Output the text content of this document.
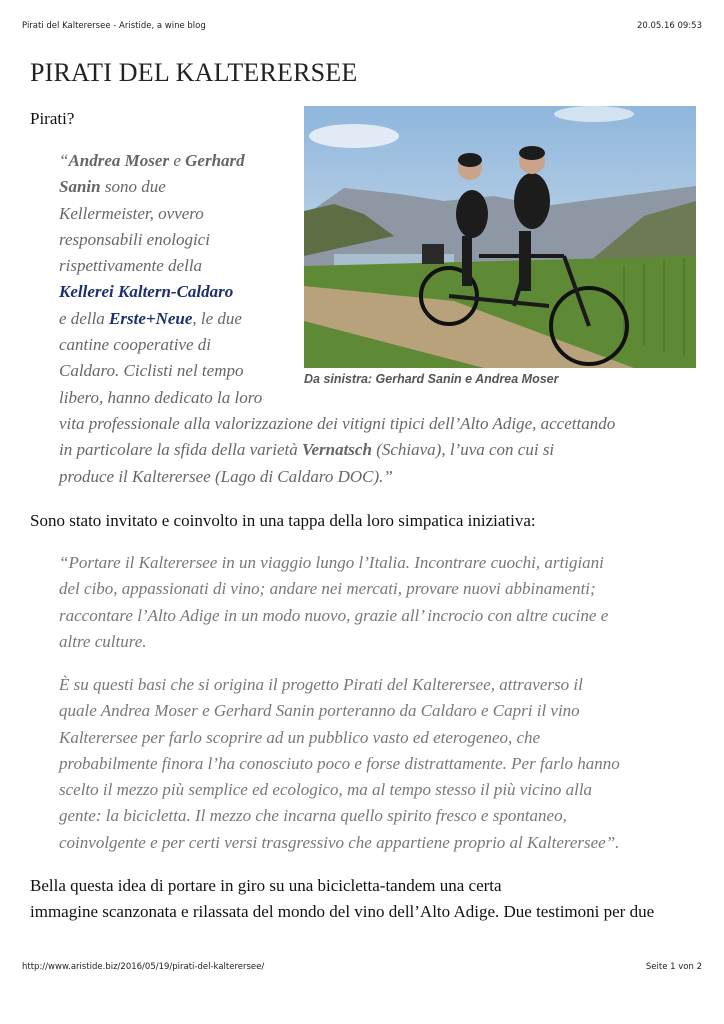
Pirati del Kalterersee - Aristide, a wine blog	20.05.16 09:53
PIRATI DEL KALTERERSEE

Pirati?

Da sinistra: Gerhard Sanin e Andrea Moser
“Andrea Moser e Gerhard
Sanin sono due
Kellermeister, ovvero
responsabili enologici
rispettivamente della
Kellerei Kaltern-Caldaro
e della Erste+Neue, le due
cantine cooperative di
Caldaro. Ciclisti nel tempo
libero, hanno dedicato la loro
vita professionale alla valorizzazione dei vitigni tipici dell’Alto Adige, accettando
in particolare la sfida della varietà Vernatsch (Schiava), l’uva con cui si
produce il Kalterersee (Lago di Caldaro DOC).”

Sono stato invitato e coinvolto in una tappa della loro simpatica iniziativa:

“Portare il Kalterersee in un viaggio lungo l’Italia. Incontrare cuochi, artigiani
del cibo, appassionati di vino; andare nei mercati, provare nuovi abbinamenti;
raccontare l’Alto Adige in un modo nuovo, grazie all’ incrocio con altre cucine e
altre culture.
È su questi basi che si origina il progetto Pirati del Kalterersee, attraverso il
quale Andrea Moser e Gerhard Sanin porteranno da Caldaro e Capri il vino
Kalterersee per farlo scoprire ad un pubblico vasto ed eterogeneo, che
probabilmente finora l’ha conosciuto poco e forse distrattamente. Per farlo hanno
scelto il mezzo più semplice ed ecologico, ma al tempo stesso il più vicino alla
gente: la bicicletta. Il mezzo che incarna quello spirito fresco e spontaneo,
coinvolgente e per certi versi trasgressivo che appartiene proprio al Kalterersee”.
Bella questa idea di portare in giro su una bicicletta-tandem una certa
immagine scanzonata e rilassata del mondo del vino dell’Alto Adige. Due testimoni per due
http://www.aristide.biz/2016/05/19/pirati-del-kalterersee/	Seite 1 von 2
